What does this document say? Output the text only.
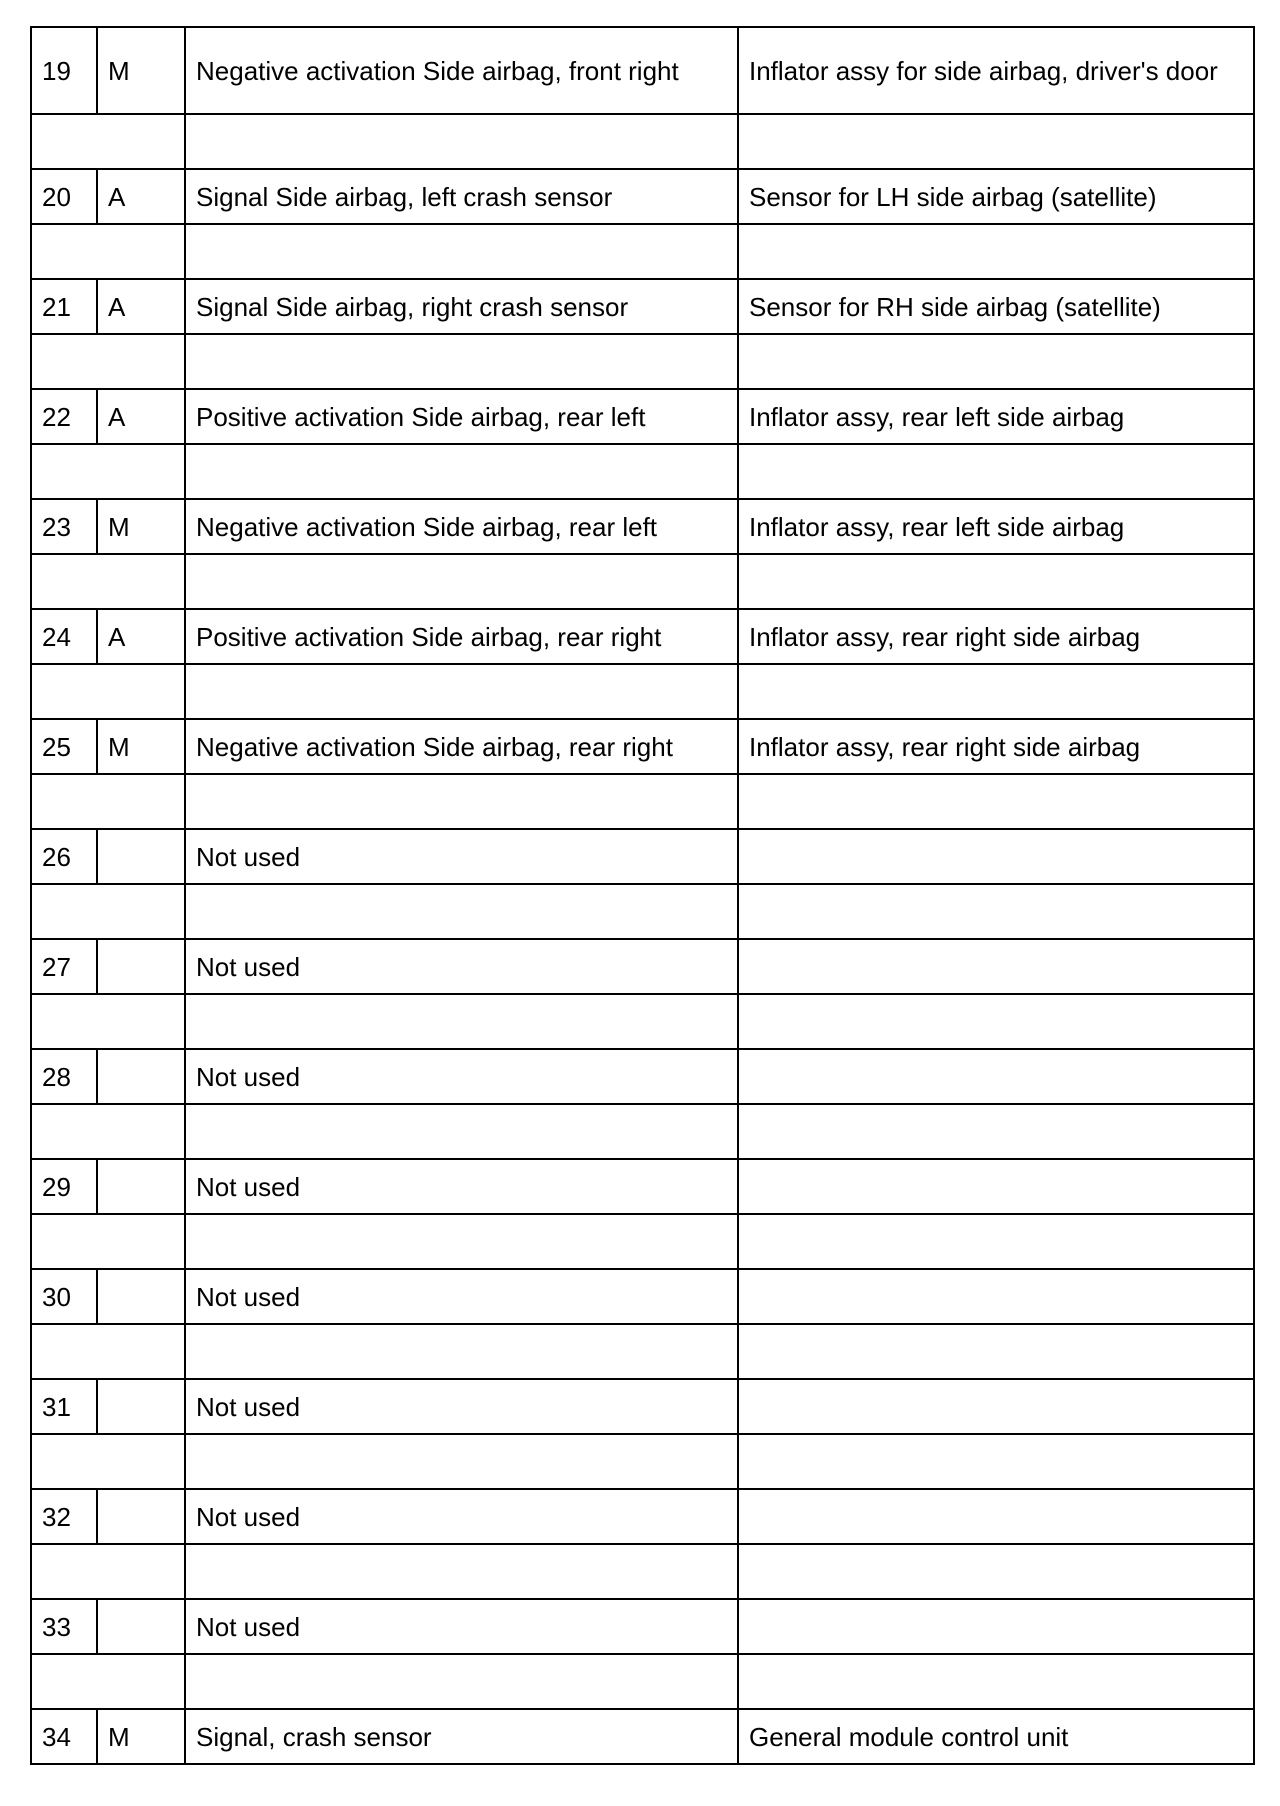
19	M	Negative activation Side airbag, front right	Inflator assy for side airbag, driver's door

20	A	Signal Side airbag, left crash sensor	Sensor for LH side airbag (satellite)

21	A	Signal Side airbag, right crash sensor	Sensor for RH side airbag (satellite)

22	A	Positive activation Side airbag, rear left	Inflator assy, rear left side airbag

23	M	Negative activation Side airbag, rear left	Inflator assy, rear left side airbag

24	A	Positive activation Side airbag, rear right	Inflator assy, rear right side airbag

25	M	Negative activation Side airbag, rear right	Inflator assy, rear right side airbag

26		Not used	

27		Not used	

28		Not used	

29		Not used	

30		Not used	

31		Not used	

32		Not used	

33		Not used	

34	M	Signal, crash sensor	General module control unit
